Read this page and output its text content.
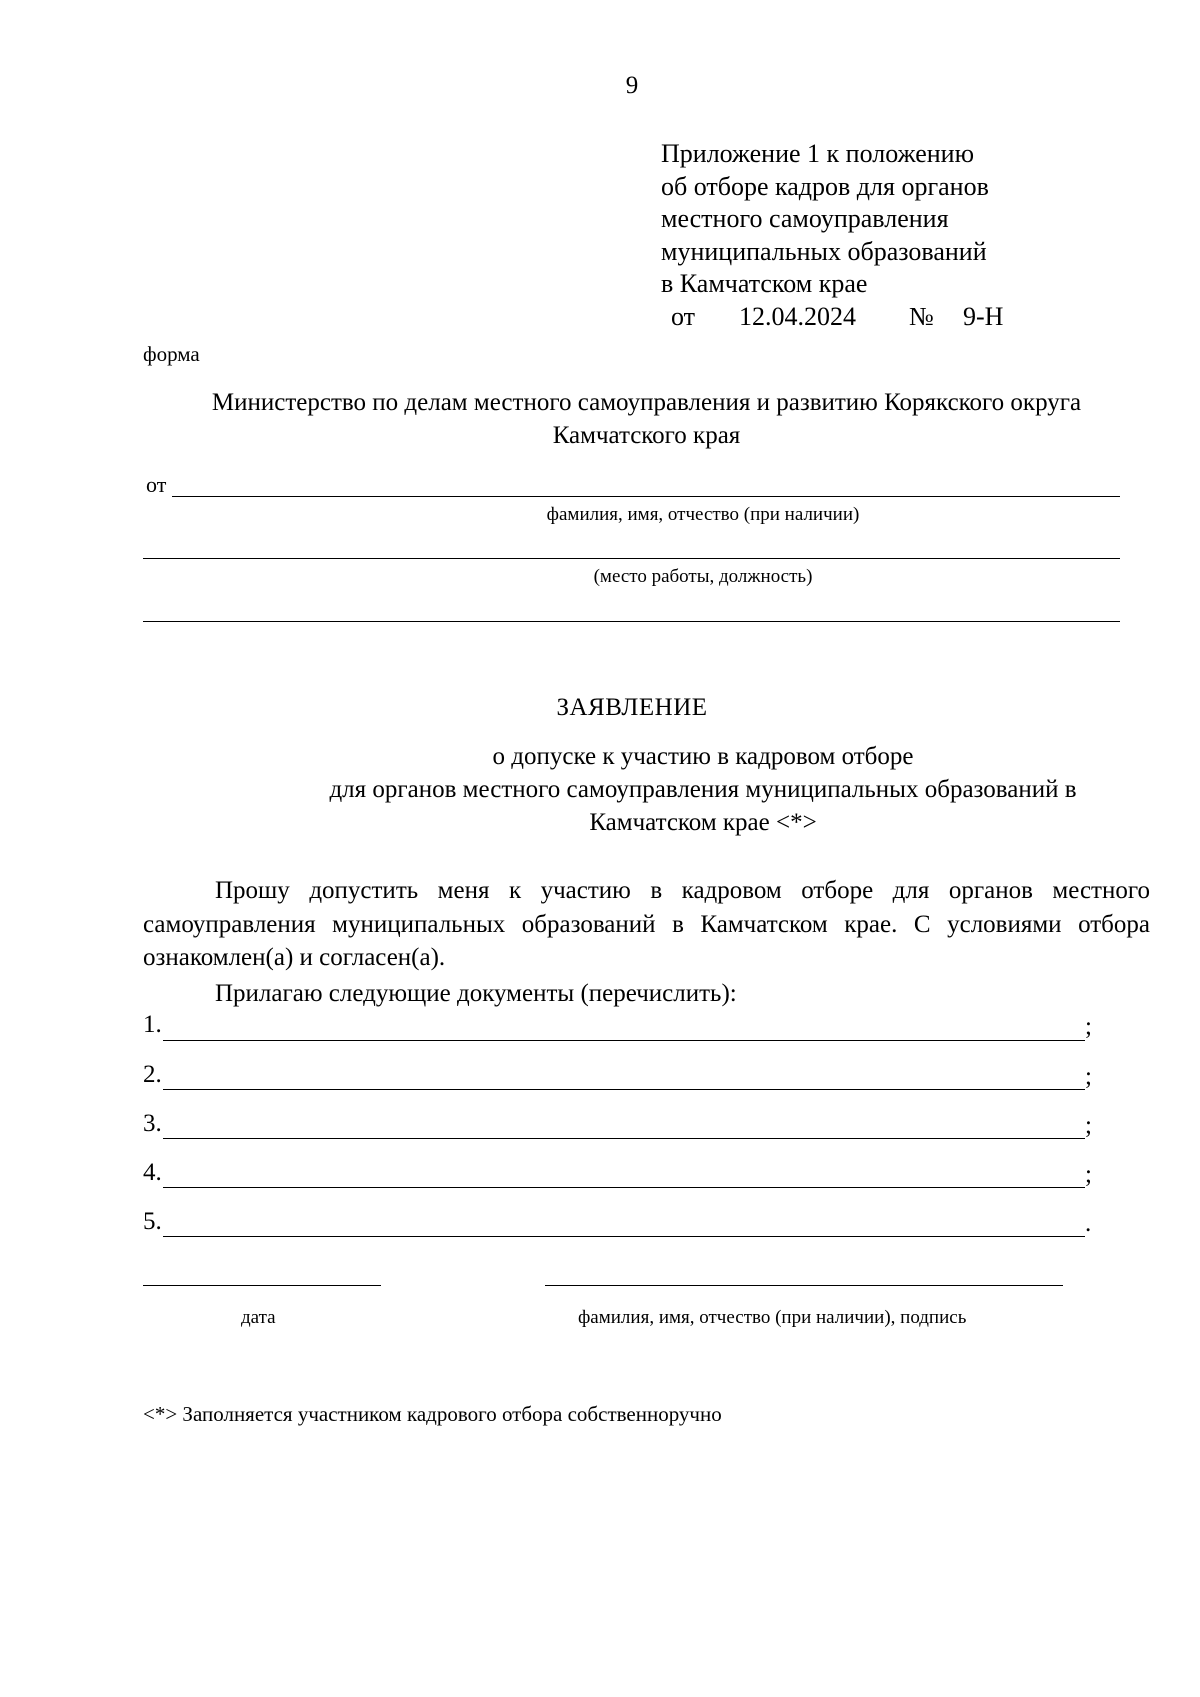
9
Приложение 1 к положению
об отборе кадров для органов
местного самоуправления
муниципальных образований
в Камчатском крае
от 12.04.2024 № 9-Н
форма
Министерство по делам местного самоуправления и развитию Корякского округа
Камчатского края
от
фамилия, имя, отчество (при наличии)
(место работы, должность)
ЗАЯВЛЕНИЕ
о допуске к участию в кадровом отборе
для органов местного самоуправления муниципальных образований в
Камчатском крае <*>
Прошу допустить меня к участию в кадровом отборе для органов местного самоуправления муниципальных образований в Камчатском крае. С условиями отбора ознакомлен(а) и согласен(а).
Прилагаю следующие документы (перечислить):
1.	;
2.	;
3.	;
4.	;
5.	.
дата	фамилия, имя, отчество (при наличии), подпись
<*> Заполняется участником кадрового отбора собственноручно
